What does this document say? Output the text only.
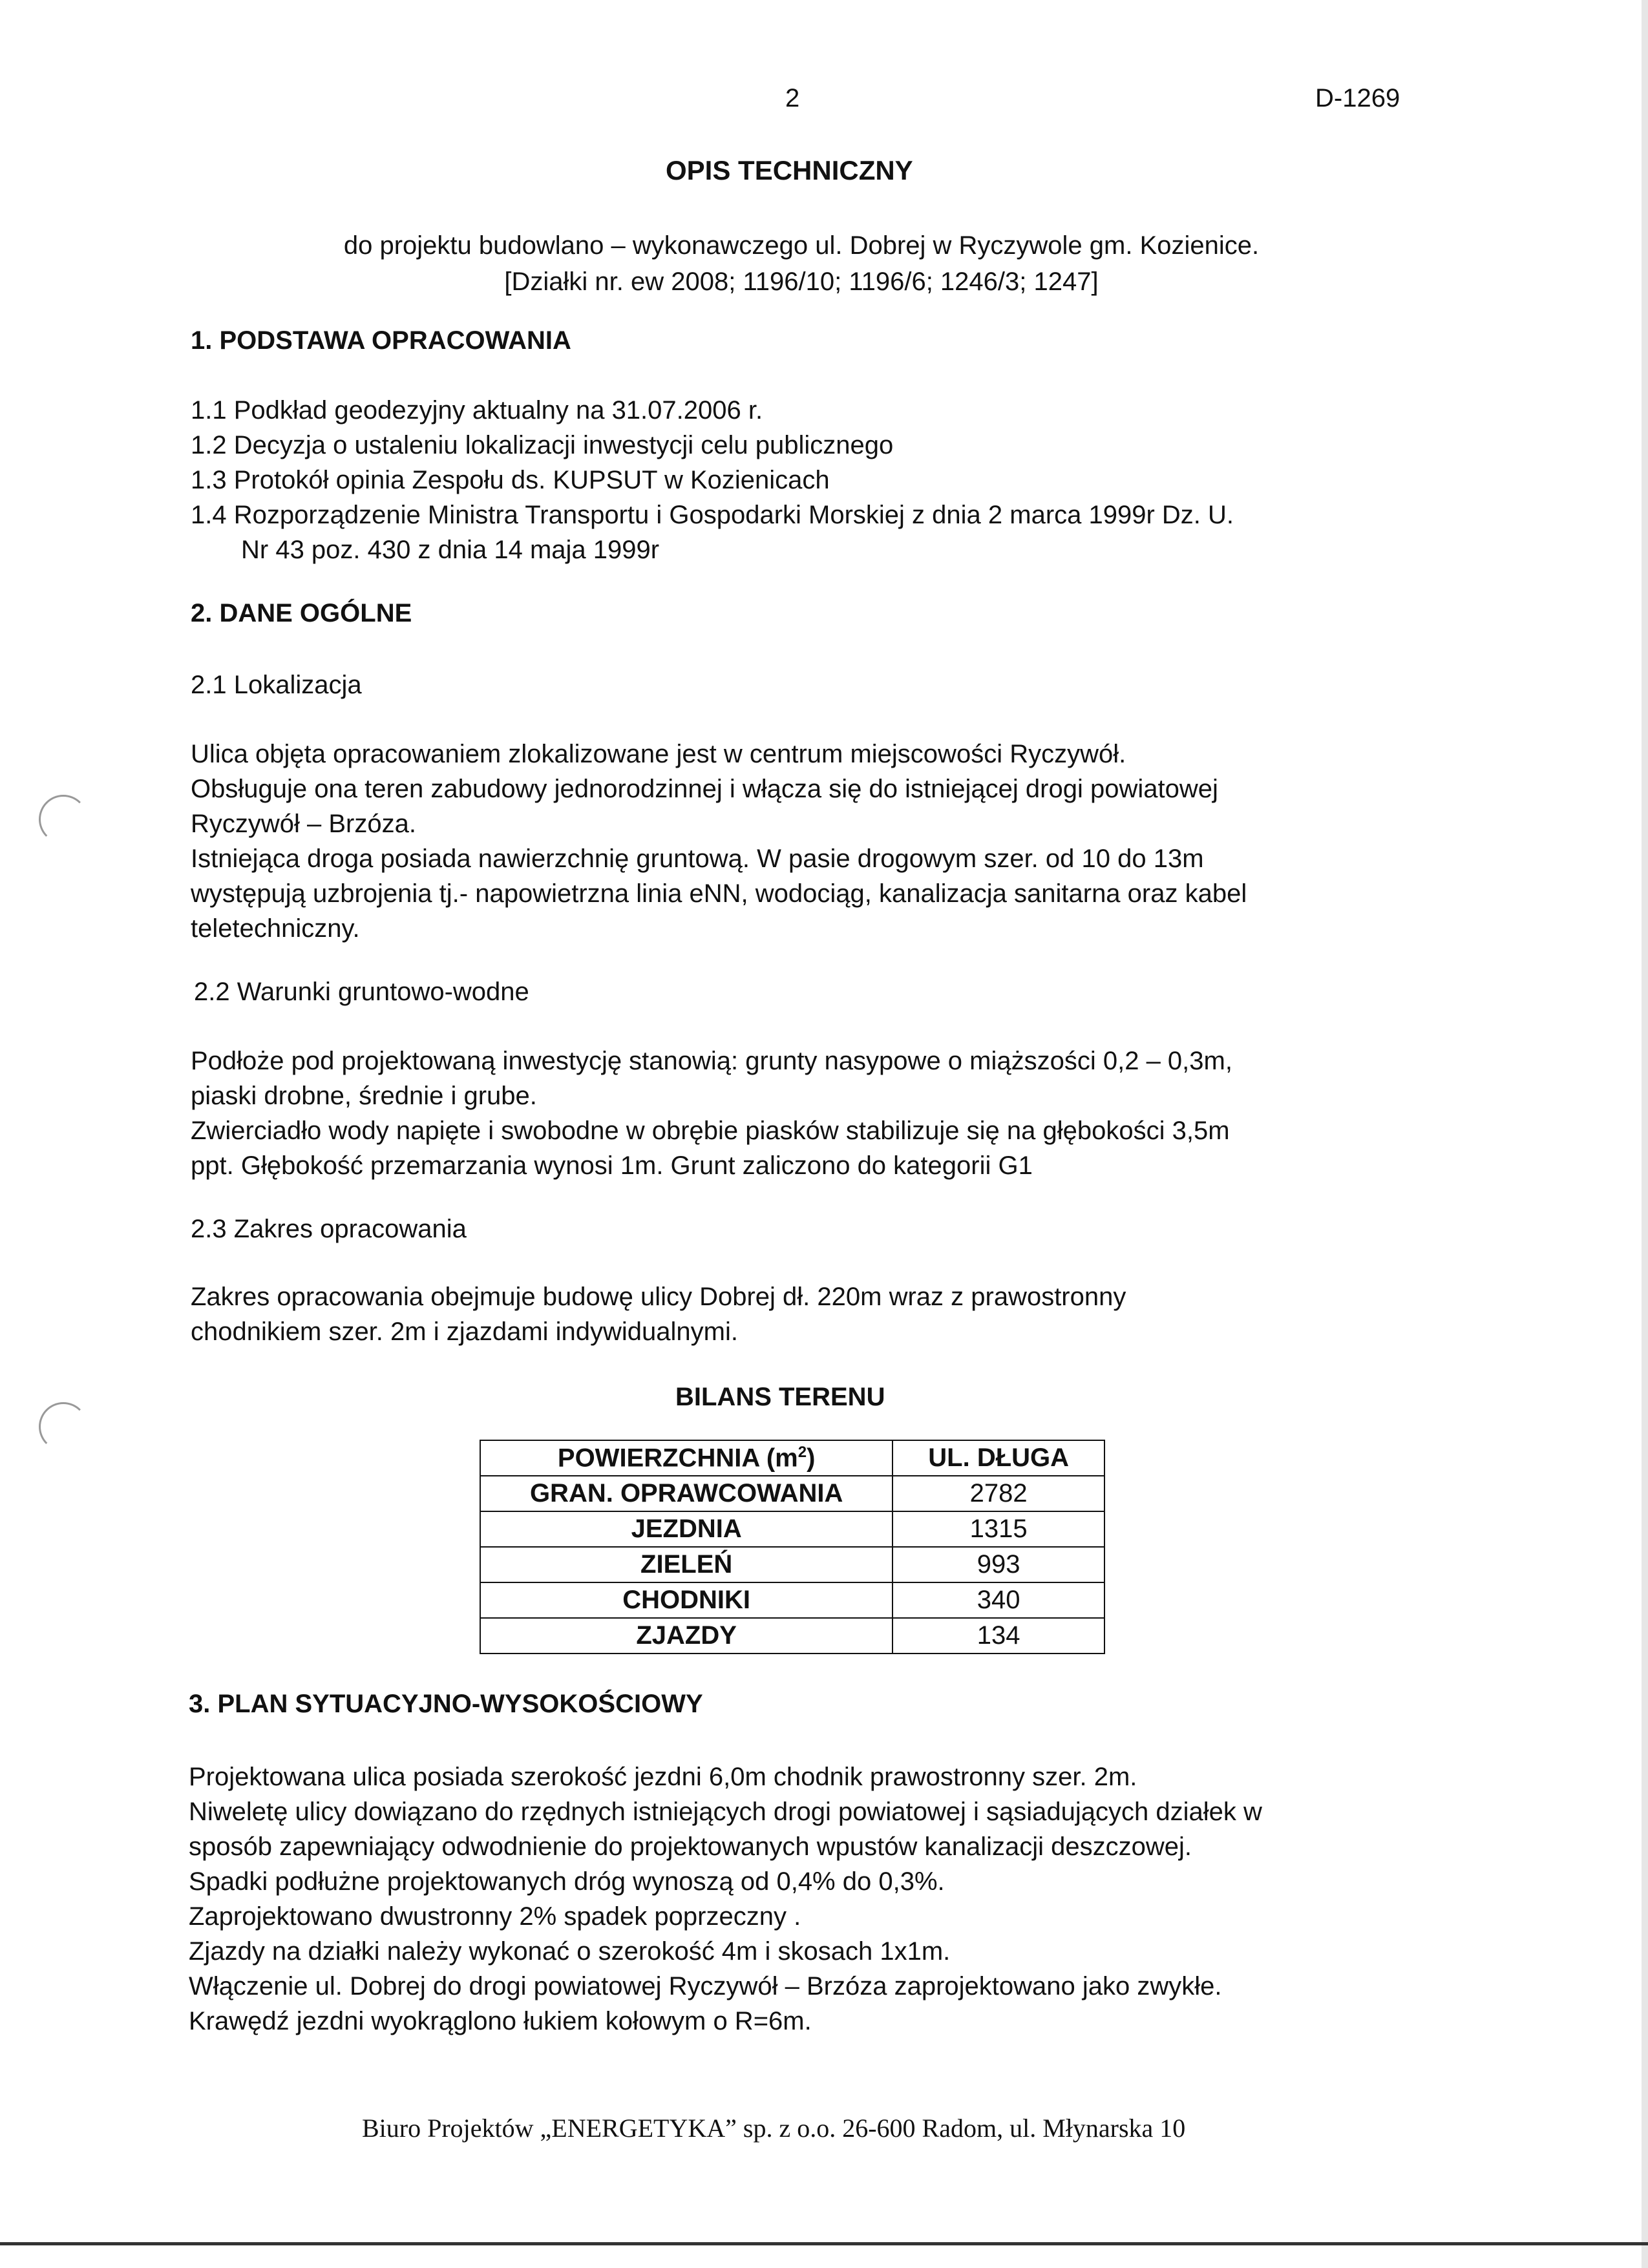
2	D-1269
OPIS TECHNICZNY
do projektu budowlano – wykonawczego ul. Dobrej w Ryczywole gm. Kozienice.
[Działki nr. ew 2008; 1196/10; 1196/6; 1246/3; 1247]
1. PODSTAWA OPRACOWANIA
1.1 Podkład geodezyjny aktualny na 31.07.2006 r.
1.2 Decyzja o ustaleniu lokalizacji inwestycji celu publicznego
1.3 Protokół opinia Zespołu ds. KUPSUT w Kozienicach
1.4 Rozporządzenie Ministra Transportu i Gospodarki Morskiej z dnia 2 marca 1999r Dz. U.
Nr 43 poz. 430 z dnia 14 maja 1999r
2. DANE OGÓLNE
2.1 Lokalizacja
Ulica objęta opracowaniem zlokalizowane jest w centrum miejscowości Ryczywół.
Obsługuje ona teren zabudowy jednorodzinnej i włącza się do istniejącej drogi powiatowej
Ryczywół – Brzóza.
Istniejąca droga posiada nawierzchnię gruntową. W pasie drogowym szer. od 10 do 13m
występują uzbrojenia tj.- napowietrzna linia eNN, wodociąg, kanalizacja sanitarna oraz kabel
teletechniczny.
2.2 Warunki gruntowo-wodne
Podłoże pod projektowaną inwestycję stanowią: grunty nasypowe o miąższości 0,2 – 0,3m,
piaski drobne, średnie i grube.
Zwierciadło wody napięte i swobodne w obrębie piasków stabilizuje się na głębokości 3,5m
ppt. Głębokość przemarzania wynosi 1m. Grunt zaliczono do kategorii G1
2.3 Zakres opracowania
Zakres opracowania obejmuje budowę ulicy Dobrej dł. 220m wraz z prawostronny
chodnikiem szer. 2m i zjazdami indywidualnymi.
BILANS TERENU
POWIERZCHNIA $(m^2)$	UL. DŁUGA
GRAN. OPRAWCOWANIA	2782
JEZDNIA	1315
ZIELEŃ	993
CHODNIKI	340
ZJAZDY	134
3. PLAN SYTUACYJNO-WYSOKOŚCIOWY
Projektowana ulica posiada szerokość jezdni 6,0m chodnik prawostronny szer. 2m.
Niweletę ulicy dowiązano do rzędnych istniejących drogi powiatowej i sąsiadujących działek w
sposób zapewniający odwodnienie do projektowanych wpustów kanalizacji deszczowej.
Spadki podłużne projektowanych dróg wynoszą od 0,4% do 0,3%.
Zaprojektowano dwustronny 2% spadek poprzeczny .
Zjazdy na działki należy wykonać o szerokość 4m i skosach 1x1m.
Włączenie ul. Dobrej do drogi powiatowej Ryczywół – Brzóza zaprojektowano jako zwykłe.
Krawędź jezdni wyokrąglono łukiem kołowym o R=6m.
Biuro Projektów „ENERGETYKA” sp. z o.o. 26-600 Radom, ul. Młynarska 10
